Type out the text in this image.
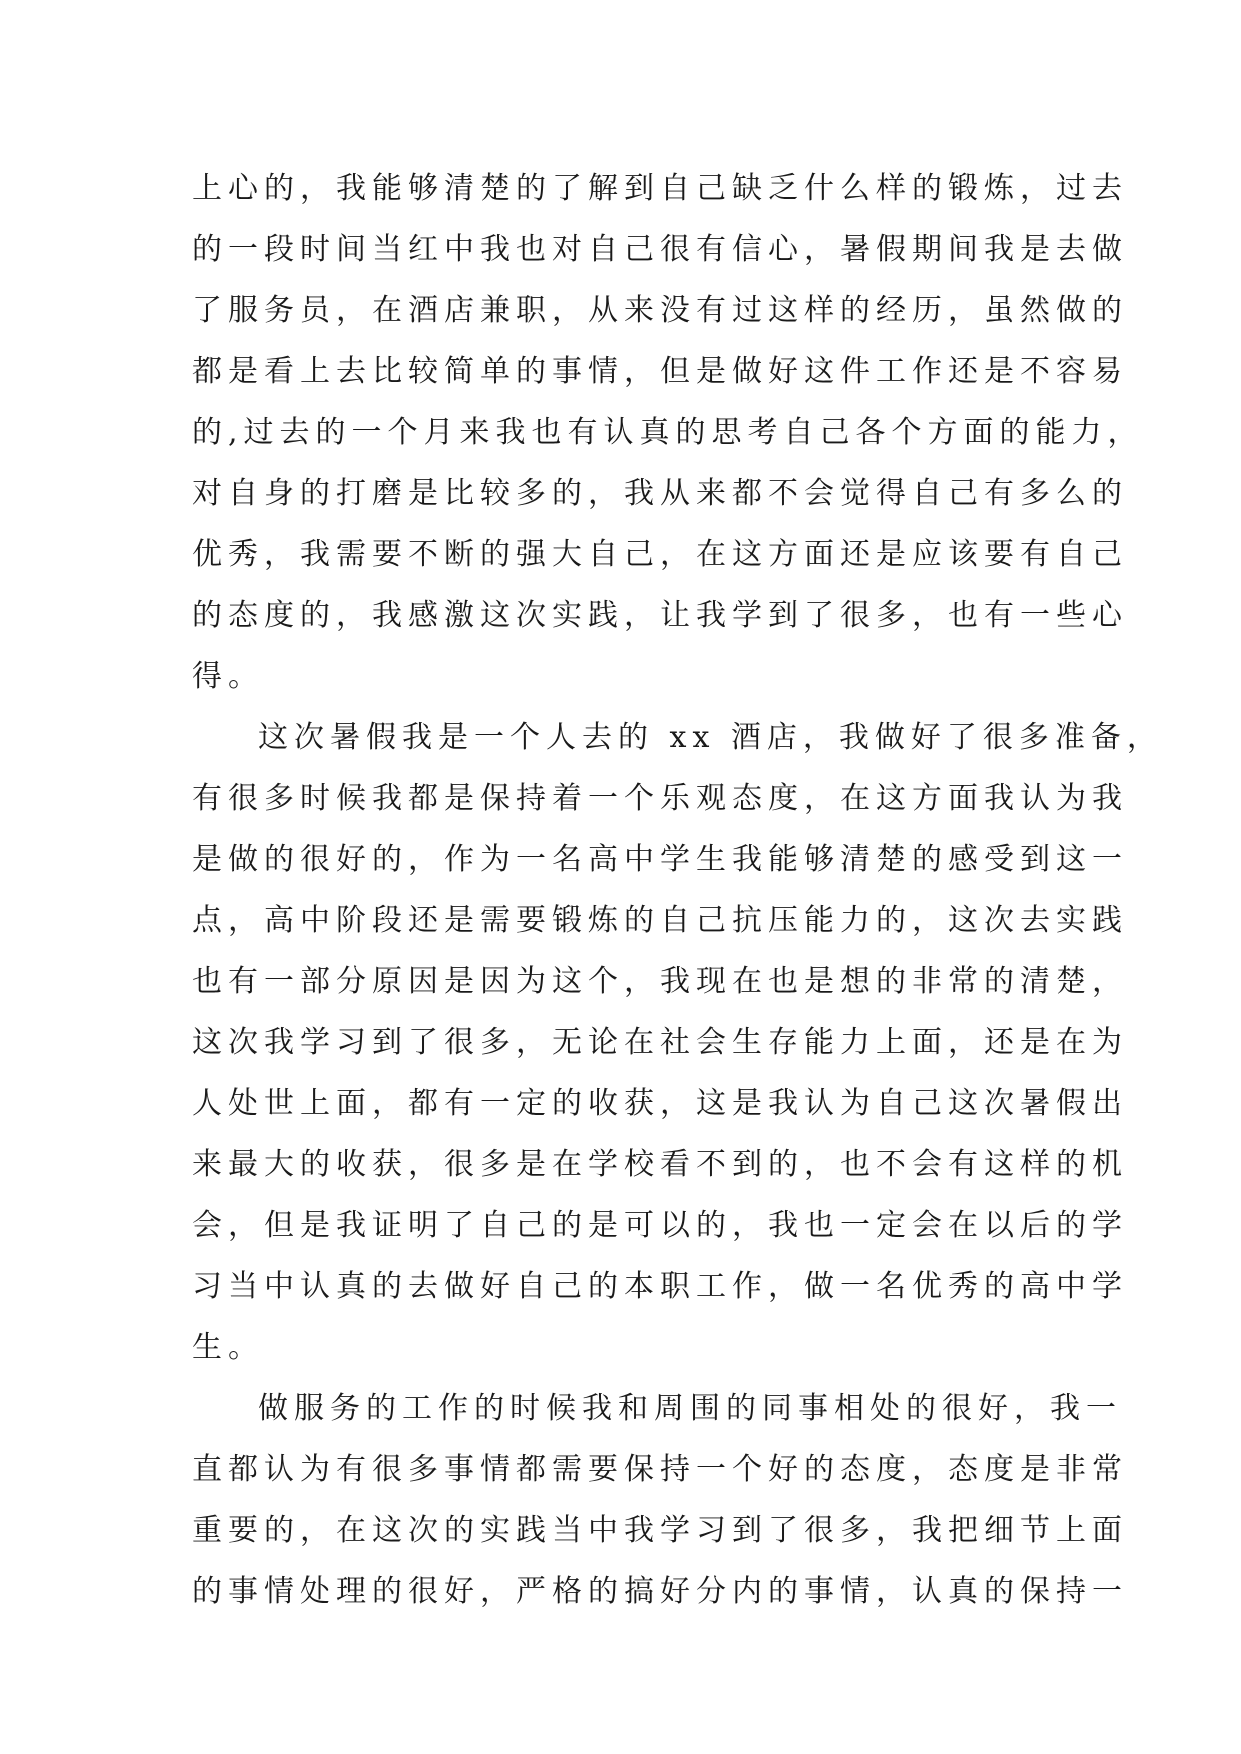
上心的，我能够清楚的了解到自己缺乏什么样的锻炼，过去
的一段时间当红中我也对自己很有信心，暑假期间我是去做
了服务员，在酒店兼职，从来没有过这样的经历，虽然做的
都是看上去比较简单的事情，但是做好这件工作还是不容易
的,过去的一个月来我也有认真的思考自己各个方面的能力，
对自身的打磨是比较多的，我从来都不会觉得自己有多么的
优秀，我需要不断的强大自己，在这方面还是应该要有自己
的态度的，我感激这次实践，让我学到了很多，也有一些心
得。
这次暑假我是一个人去的 xx 酒店，我做好了很多准备，
有很多时候我都是保持着一个乐观态度，在这方面我认为我
是做的很好的，作为一名高中学生我能够清楚的感受到这一
点，高中阶段还是需要锻炼的自己抗压能力的，这次去实践
也有一部分原因是因为这个，我现在也是想的非常的清楚，
这次我学习到了很多，无论在社会生存能力上面，还是在为
人处世上面，都有一定的收获，这是我认为自己这次暑假出
来最大的收获，很多是在学校看不到的，也不会有这样的机
会，但是我证明了自己的是可以的，我也一定会在以后的学
习当中认真的去做好自己的本职工作，做一名优秀的高中学
生。
做服务的工作的时候我和周围的同事相处的很好，我一
直都认为有很多事情都需要保持一个好的态度，态度是非常
重要的，在这次的实践当中我学习到了很多，我把细节上面
的事情处理的很好，严格的搞好分内的事情，认真的保持一
